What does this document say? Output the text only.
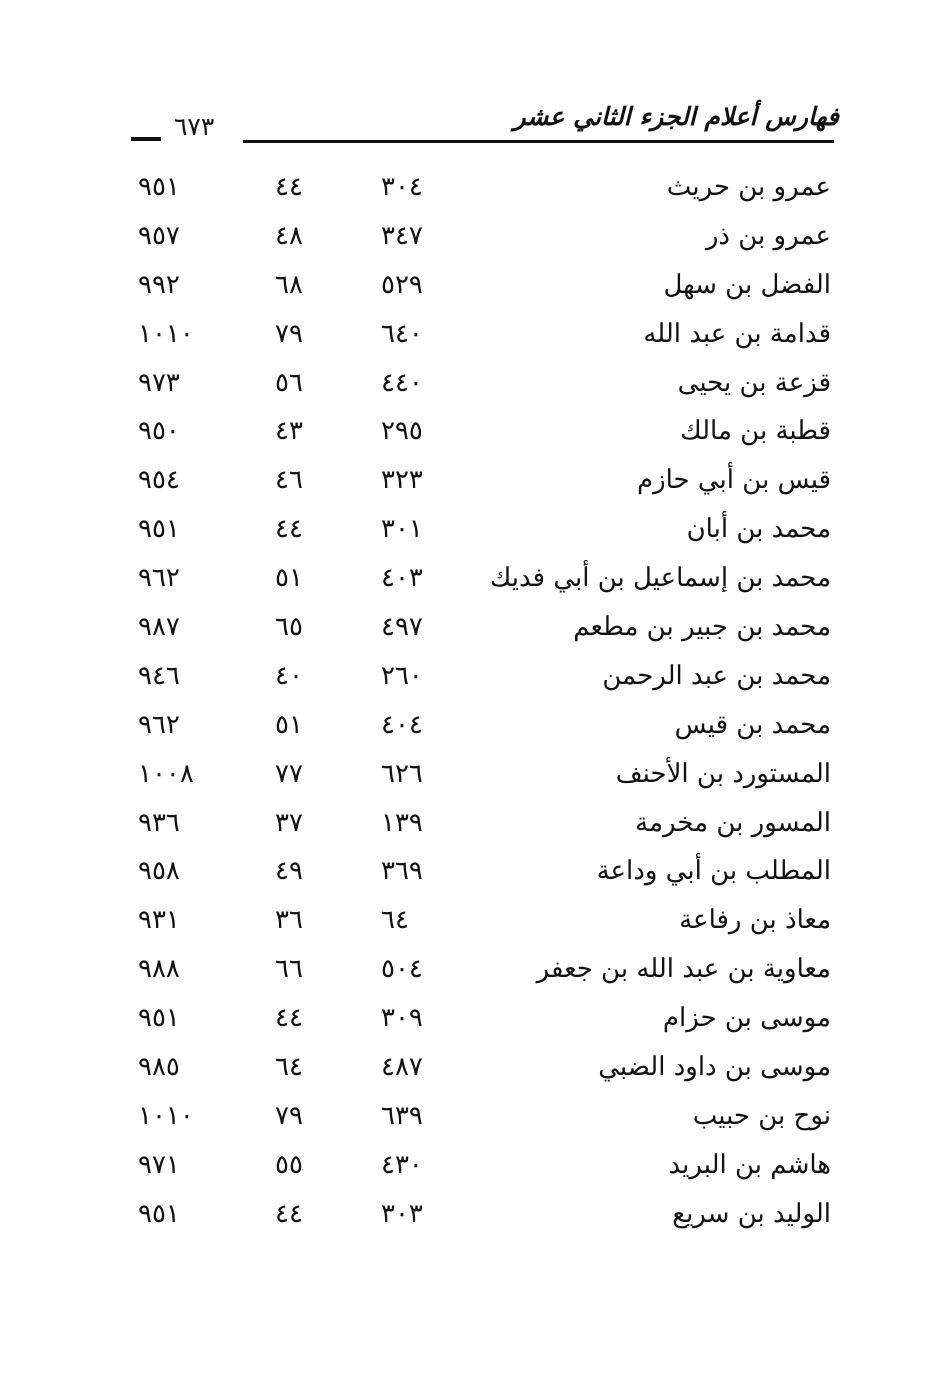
فهارس أعلام الجزء الثاني عشر
٦٧٣
عمرو بن حريث
٣٠٤
٤٤
٩٥١
عمرو بن ذر
٣٤٧
٤٨
٩٥٧
الفضل بن سهل
٥٢٩
٦٨
٩٩٢
قدامة بن عبد الله
٦٤٠
٧٩
١٠١٠
قزعة بن يحيى
٤٤٠
٥٦
٩٧٣
قطبة بن مالك
٢٩٥
٤٣
٩٥٠
قيس بن أبي حازم
٣٢٣
٤٦
٩٥٤
محمد بن أبان
٣٠١
٤٤
٩٥١
محمد بن إسماعيل بن أبي فديك
٤٠٣
٥١
٩٦٢
محمد بن جبير بن مطعم
٤٩٧
٦٥
٩٨٧
محمد بن عبد الرحمن
٢٦٠
٤٠
٩٤٦
محمد بن قيس
٤٠٤
٥١
٩٦٢
المستورد بن الأحنف
٦٢٦
٧٧
١٠٠٨
المسور بن مخرمة
١٣٩
٣٧
٩٣٦
المطلب بن أبي وداعة
٣٦٩
٤٩
٩٥٨
معاذ بن رفاعة
٦٤
٣٦
٩٣١
معاوية بن عبد الله بن جعفر
٥٠٤
٦٦
٩٨٨
موسى بن حزام
٣٠٩
٤٤
٩٥١
موسى بن داود الضبي
٤٨٧
٦٤
٩٨٥
نوح بن حبيب
٦٣٩
٧٩
١٠١٠
هاشم بن البريد
٤٣٠
٥٥
٩٧١
الوليد بن سريع
٣٠٣
٤٤
٩٥١
